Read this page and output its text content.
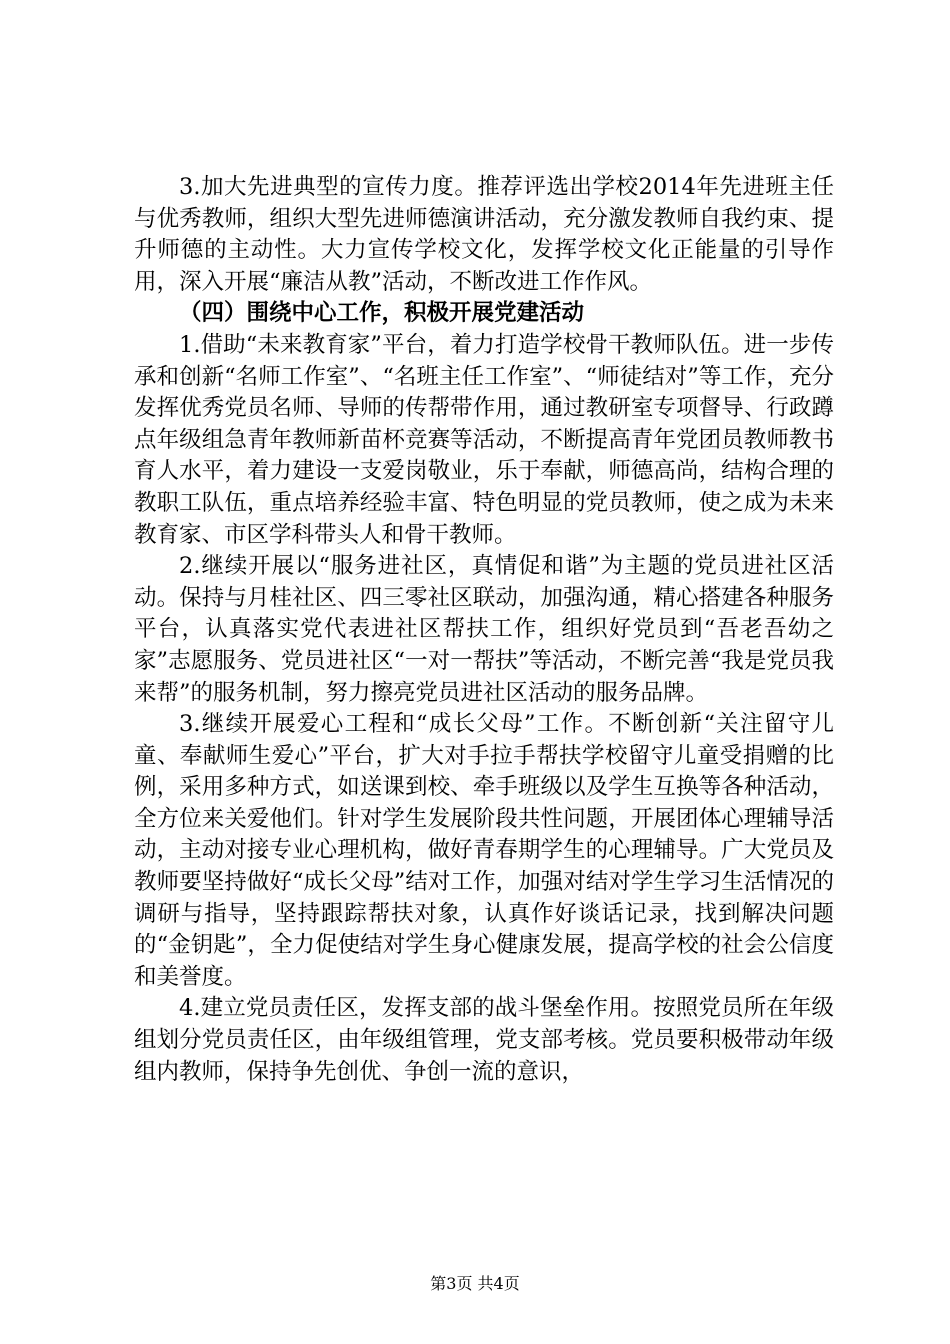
3.加大先进典型的宣传力度。推荐评选出学校2014年先进班主任与优秀教师，组织大型先进师德演讲活动，充分激发教师自我约束、提升师德的主动性。大力宣传学校文化，发挥学校文化正能量的引导作用，深入开展“廉洁从教”活动，不断改进工作作风。

（四）围绕中心工作，积极开展党建活动

1.借助“未来教育家”平台，着力打造学校骨干教师队伍。进一步传承和创新“名师工作室”、“名班主任工作室”、“师徒结对”等工作，充分发挥优秀党员名师、导师的传帮带作用，通过教研室专项督导、行政蹲点年级组急青年教师新苗杯竞赛等活动，不断提高青年党团员教师教书育人水平，着力建设一支爱岗敬业，乐于奉献，师德高尚，结构合理的教职工队伍，重点培养经验丰富、特色明显的党员教师，使之成为未来教育家、市区学科带头人和骨干教师。

2.继续开展以“服务进社区，真情促和谐”为主题的党员进社区活动。保持与月桂社区、四三零社区联动，加强沟通，精心搭建各种服务平台，认真落实党代表进社区帮扶工作，组织好党员到“吾老吾幼之家”志愿服务、党员进社区“一对一帮扶”等活动，不断完善“我是党员我来帮”的服务机制，努力擦亮党员进社区活动的服务品牌。

3.继续开展爱心工程和“成长父母”工作。不断创新“关注留守儿童、奉献师生爱心”平台，扩大对手拉手帮扶学校留守儿童受捐赠的比例，采用多种方式，如送课到校、牵手班级以及学生互换等各种活动，全方位来关爱他们。针对学生发展阶段共性问题，开展团体心理辅导活动，主动对接专业心理机构，做好青春期学生的心理辅导。广大党员及教师要坚持做好“成长父母”结对工作，加强对结对学生学习生活情况的调研与指导，坚持跟踪帮扶对象，认真作好谈话记录，找到解决问题的“金钥匙”，全力促使结对学生身心健康发展，提高学校的社会公信度和美誉度。

4.建立党员责任区，发挥支部的战斗堡垒作用。按照党员所在年级组划分党员责任区，由年级组管理，党支部考核。党员要积极带动年级组内教师，保持争先创优、争创一流的意识，

第3页 共4页
